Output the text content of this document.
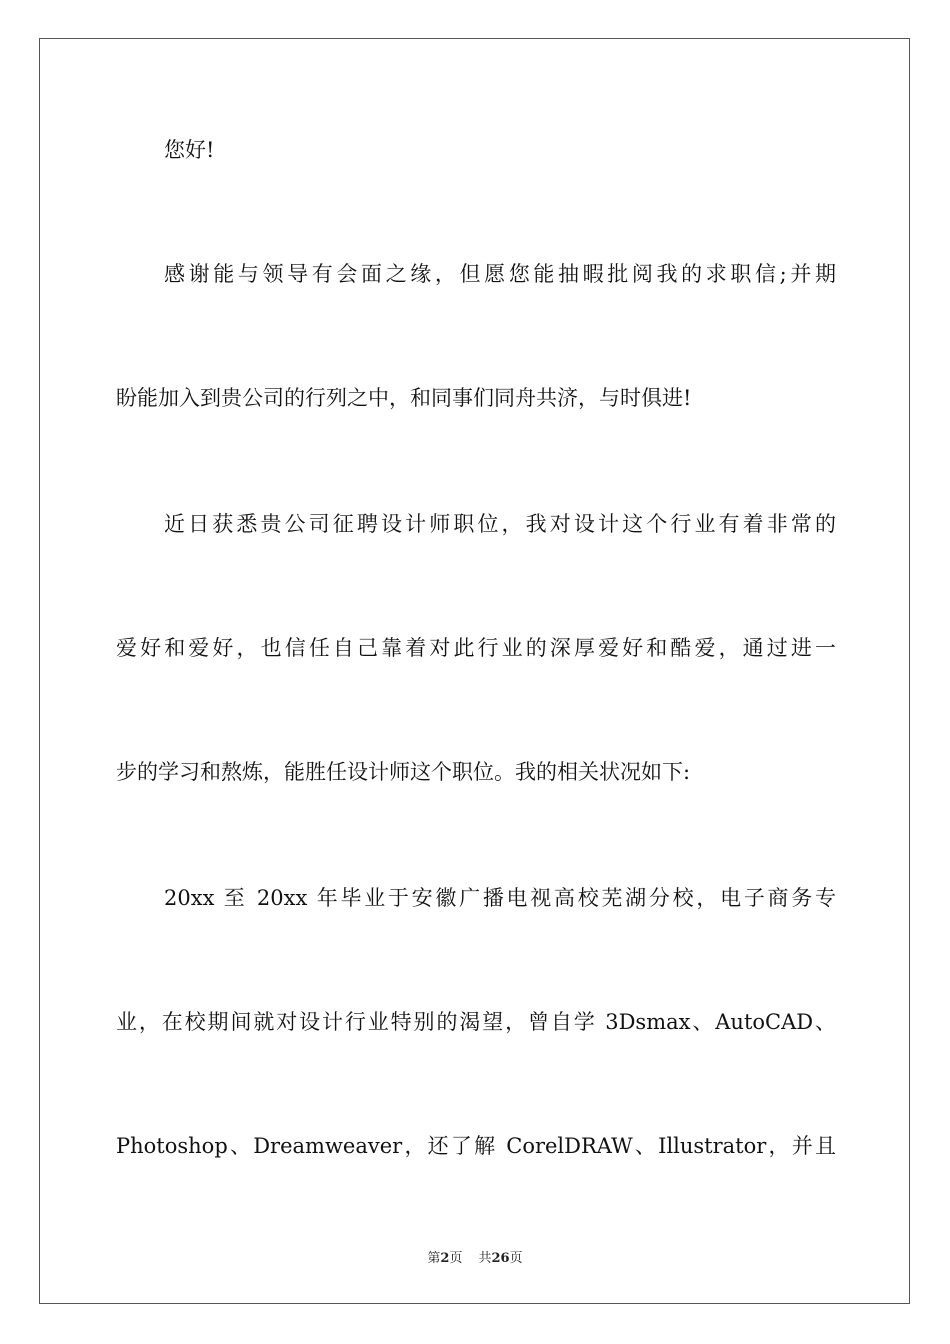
您好!
感谢能与领导有会面之缘，但愿您能抽暇批阅我的求职信;并期
盼能加入到贵公司的行列之中，和同事们同舟共济，与时俱进!
近日获悉贵公司征聘设计师职位，我对设计这个行业有着非常的
爱好和爱好，也信任自己靠着对此行业的深厚爱好和酷爱，通过进一
步的学习和熬炼，能胜任设计师这个职位。我的相关状况如下:
20xx 至 20xx 年毕业于安徽广播电视高校芜湖分校，电子商务专
业，在校期间就对设计行业特别的渴望，曾自学 3Dsmax、AutoCAD、
Photoshop、Dreamweaver，还了解 CorelDRAW、Illustrator，并且
第2页 共26页
